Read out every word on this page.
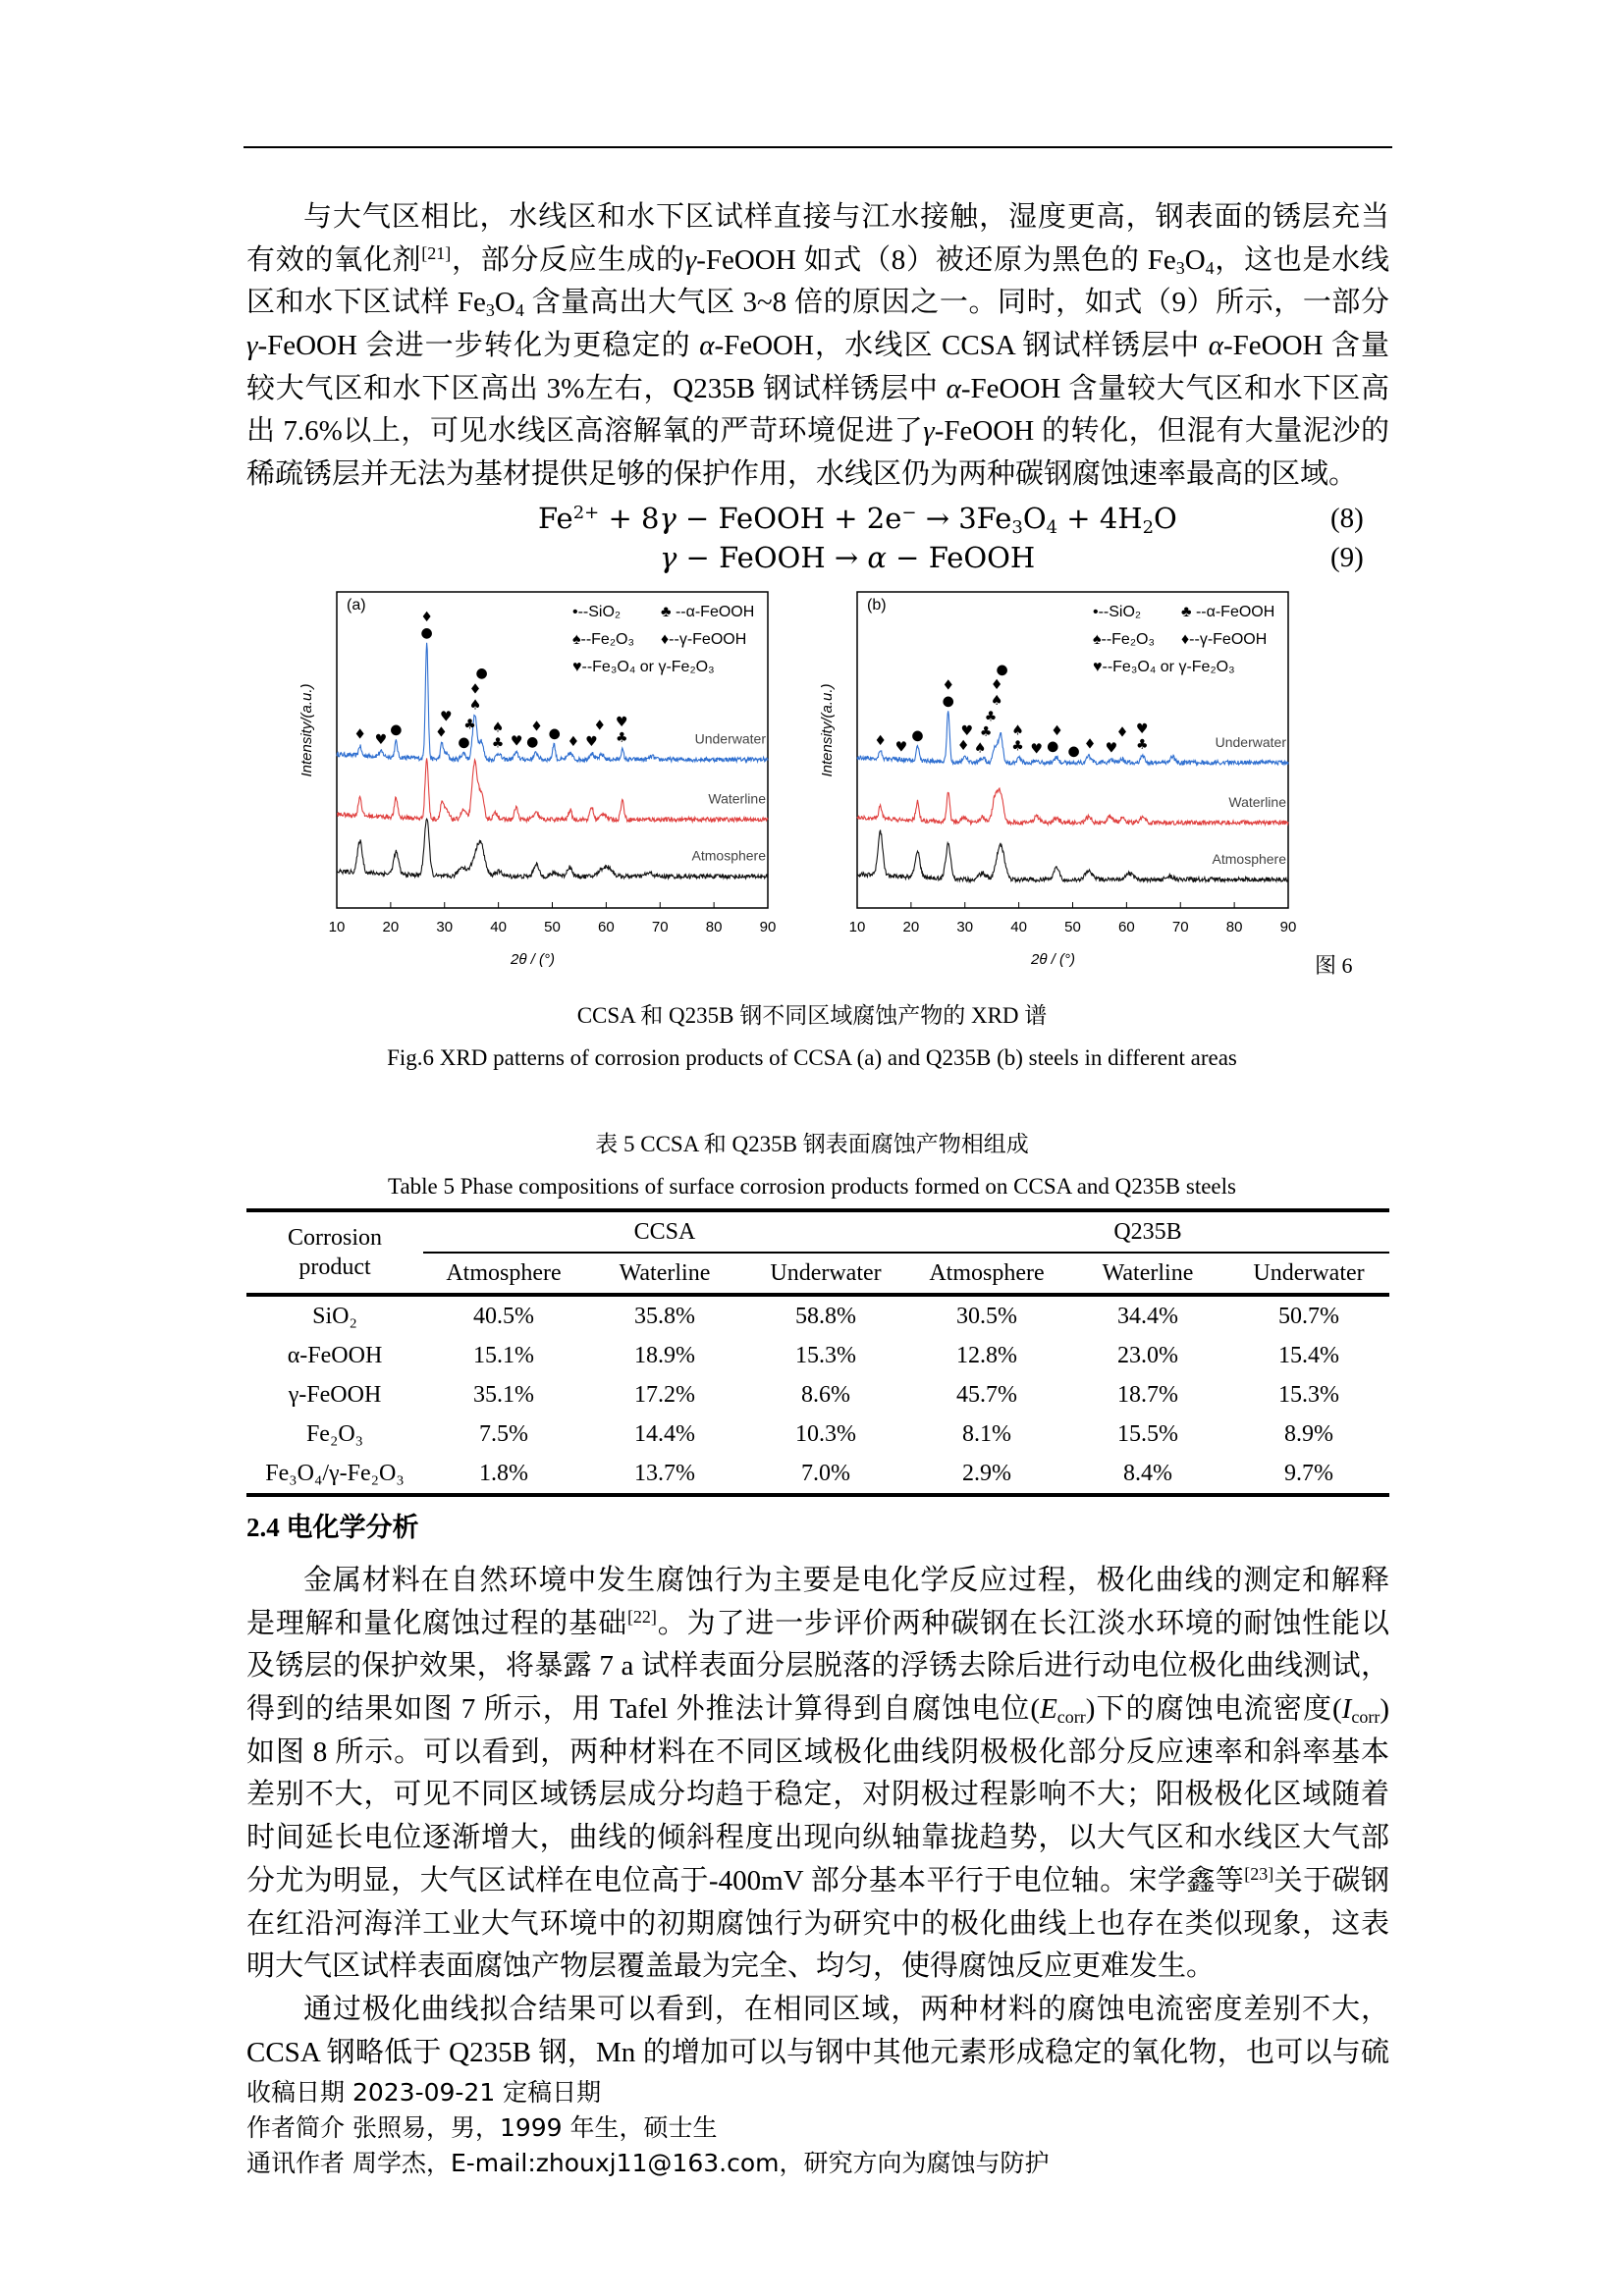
与大气区相比，水线区和水下区试样直接与江水接触，湿度更高，钢表面的锈层充当
有效的氧化剂[21]，部分反应生成的γ-FeOOH 如式（8）被还原为黑色的 $Fe_3O_4$，这也是水线
区和水下区试样 $Fe_3O_4$ 含量高出大气区 3~8 倍的原因之一。同时，如式（9）所示，一部分
γ-FeOOH 会进一步转化为更稳定的 α-FeOOH，水线区 CCSA 钢试样锈层中 α-FeOOH 含量
较大气区和水下区高出 3%左右，Q235B 钢试样锈层中 α-FeOOH 含量较大气区和水下区高
出 7.6%以上，可见水线区高溶解氧的严苛环境促进了γ-FeOOH 的转化，但混有大量泥沙的
稀疏锈层并无法为基材提供足够的保护作用，水线区仍为两种碳钢腐蚀速率最高的区域。
$Fe^{2+} + 8\gamma$ − FeOOH + $2e^- \to 3Fe_3O_4 + 4H_2O$	(8)
γ − FeOOH → α − FeOOH	(9)
10	20	30	40	50	60	70	80	90
2θ / (°)
Intensity/(a.u.)
(a)	•--SiO₂	♣ --α-FeOOH
♠--Fe₂O₃ ♦--γ-FeOOH
♥--Fe₃O₄ or γ-Fe₂O₃
Underwater
Waterline
Atmosphere
♦ ♥
●
♦
●
♦
♥
●
♣
♦
♠
●
♠
♣ ♥ ●
♦ ●
♦ ♥
♦ ♥
♣
10	20	30	40	50	60	70	80	90
2θ / (°)
Intensity/(a.u.)
(b)	•--SiO₂	♣ --α-FeOOH
♠--Fe₂O₃ ♦--γ-FeOOH
♥--Fe₃O₄ or γ-Fe₂O₃
Underwater
Waterline
Atmosphere
♦ ♥
●
♦
●
♦
♥
♠
♣
♣
♦
♠
●
♠
♣ ♥ ●
♦
● ♦ ♥
♦ ♥
♣
图 6
CCSA 和 Q235B 钢不同区域腐蚀产物的 XRD 谱
Fig.6 XRD patterns of corrosion products of CCSA (a) and Q235B (b) steels in different areas
表 5 CCSA 和 Q235B 钢表面腐蚀产物相组成
Table 5 Phase compositions of surface corrosion products formed on CCSA and Q235B steels
Corrosion product	CCSA			Q235B		
	Atmosphere	Waterline	Underwater	Atmosphere	Waterline	Underwater
SiO₂	40.5%	35.8%	58.8%	30.5%	34.4%	50.7%
α-FeOOH	15.1%	18.9%	15.3%	12.8%	23.0%	15.4%
γ-FeOOH	35.1%	17.2%	8.6%	45.7%	18.7%	15.3%
Fe₂O₃	7.5%	14.4%	10.3%	8.1%	15.5%	8.9%
Fe₃O₄/γ-Fe₂O₃	1.8%	13.7%	7.0%	2.9%	8.4%	9.7%
2.4 电化学分析
金属材料在自然环境中发生腐蚀行为主要是电化学反应过程，极化曲线的测定和解释
是理解和量化腐蚀过程的基础[22]。为了进一步评价两种碳钢在长江淡水环境的耐蚀性能以
及锈层的保护效果，将暴露 7 a 试样表面分层脱落的浮锈去除后进行动电位极化曲线测试，
得到的结果如图 7 所示，用 Tafel 外推法计算得到自腐蚀电位$(E_{corr})$下的腐蚀电流密度$(I_{corr})$
如图 8 所示。可以看到，两种材料在不同区域极化曲线阴极极化部分反应速率和斜率基本
差别不大，可见不同区域锈层成分均趋于稳定，对阴极过程影响不大；阳极极化区域随着
时间延长电位逐渐增大，曲线的倾斜程度出现向纵轴靠拢趋势，以大气区和水线区大气部
分尤为明显，大气区试样在电位高于-400mV 部分基本平行于电位轴。宋学鑫等[23]关于碳钢
在红沿河海洋工业大气环境中的初期腐蚀行为研究中的极化曲线上也存在类似现象，这表
明大气区试样表面腐蚀产物层覆盖最为完全、均匀，使得腐蚀反应更难发生。
通过极化曲线拟合结果可以看到，在相同区域，两种材料的腐蚀电流密度差别不大，
CCSA 钢略低于 Q235B 钢，Mn 的增加可以与钢中其他元素形成稳定的氧化物，也可以与硫
收稿日期 2023-09-21 定稿日期
作者简介 张照易，男，1999 年生，硕士生
通讯作者 周学杰，E-mail:zhouxj11@163.com，研究方向为腐蚀与防护
